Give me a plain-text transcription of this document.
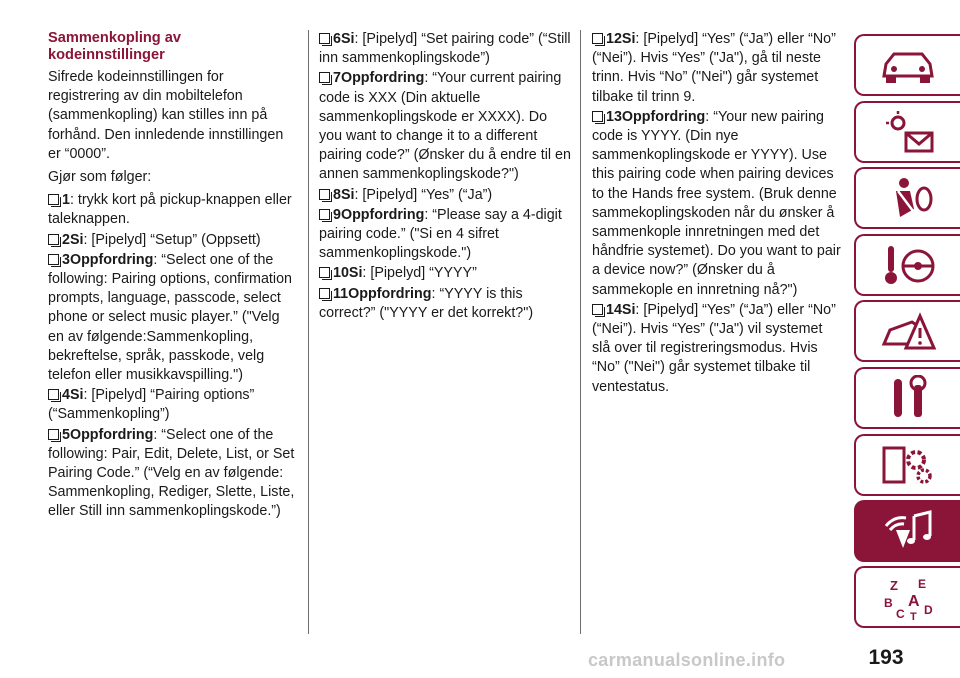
Sammenkopling av kodeinnstillinger
Sifrede kodeinnstillingen for registrering av din mobiltelefon (sammenkopling) kan stilles inn på forhånd. Den innledende innstillingen er “0000”.
Gjør som følger:
1: trykk kort på pickup-knappen eller taleknappen.
2Si: [Pipelyd] “Setup” (Oppsett)
3Oppfordring: “Select one of the following: Pairing options, confirmation prompts, language, passcode, select phone or select music player.” ("Velg en av følgende:Sammenkopling, bekreftelse, språk, passkode, velg telefon eller musikkavspilling.")
4Si: [Pipelyd] “Pairing options” (“Sammenkopling”)
5Oppfordring: “Select one of the following: Pair, Edit, Delete, List, or Set Pairing Code.” (“Velg en av følgende: Sammenkopling, Rediger, Slette, Liste, eller Still inn sammenkoplingskode.”)
6Si: [Pipelyd] “Set pairing code” (“Still inn sammenkoplingskode”)
7Oppfordring: “Your current pairing code is XXX (Din aktuelle sammenkoplingskode er XXXX). Do you want to change it to a different pairing code?” (Ønsker du å endre til en annen sammenkoplingskode?")
8Si: [Pipelyd] “Yes” (“Ja”)
9Oppfordring: “Please say a 4-digit pairing code.” ("Si en 4 sifret sammenkoplingskode.")
10Si: [Pipelyd] “YYYY”
11Oppfordring: “YYYY is this correct?” ("YYYY er det korrekt?")
12Si: [Pipelyd] “Yes” (“Ja”) eller “No” (“Nei”). Hvis “Yes” ("Ja"), gå til neste trinn. Hvis “No” ("Nei") går systemet tilbake til trinn 9.
13Oppfordring: “Your new pairing code is YYYY. (Din nye sammenkoplingskode er YYYY). Use this pairing code when pairing devices to the Hands free system. (Bruk denne sammekoplingskoden når du ønsker å sammenkople innretningen med det håndfrie systemet). Do you want to pair a device now?” (Ønsker du å sammekople en innretning nå?")
14Si: [Pipelyd] “Yes” (“Ja”) eller “No” (“Nei”). Hvis “Yes” ("Ja") vil systemet slå over til registreringsmodus. Hvis “No” ("Nei") går systemet tilbake til ventestatus.
Z E
B A
C D
T
193
carmanualsonline.info
